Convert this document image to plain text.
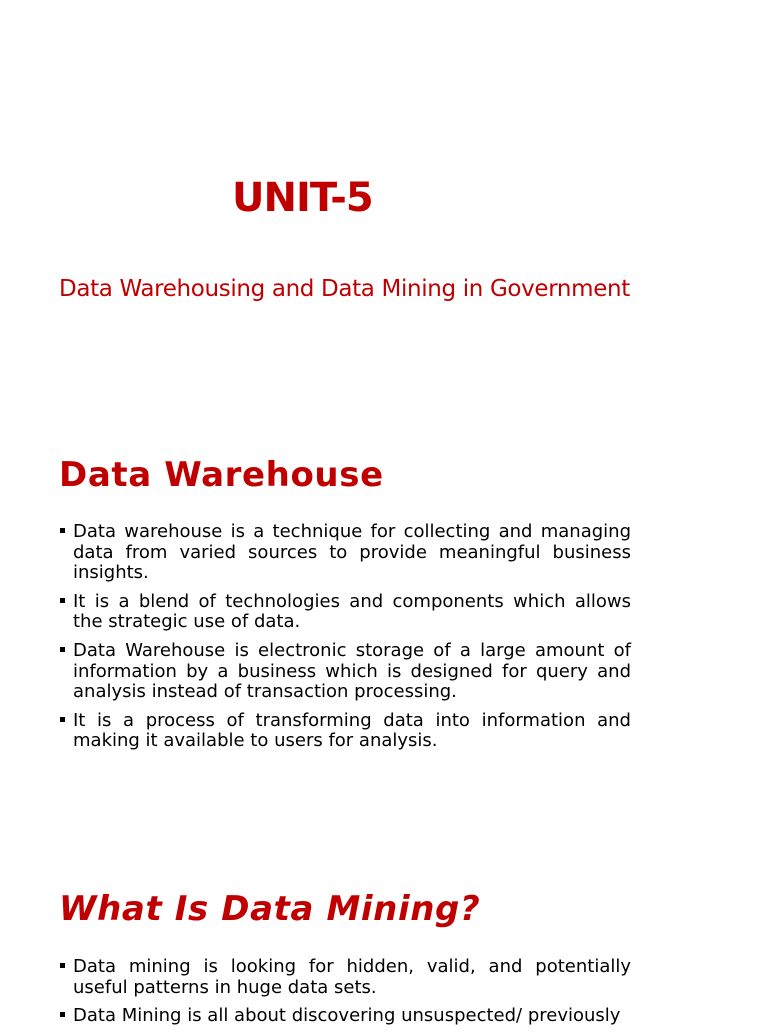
UNIT-5

Data Warehousing and Data Mining in Government

Data Warehouse
Data warehouse is a technique for collecting and managing data from varied sources to provide meaningful business insights.
It is a blend of technologies and components which allows the strategic use of data.
Data Warehouse is electronic storage of a large amount of information by a business which is designed for query and analysis instead of transaction processing.
It is a process of transforming data into information and making it available to users for analysis.
What Is Data Mining?
Data mining is looking for hidden, valid, and potentially useful patterns in huge data sets.
Data Mining is all about discovering unsuspected/ previously
